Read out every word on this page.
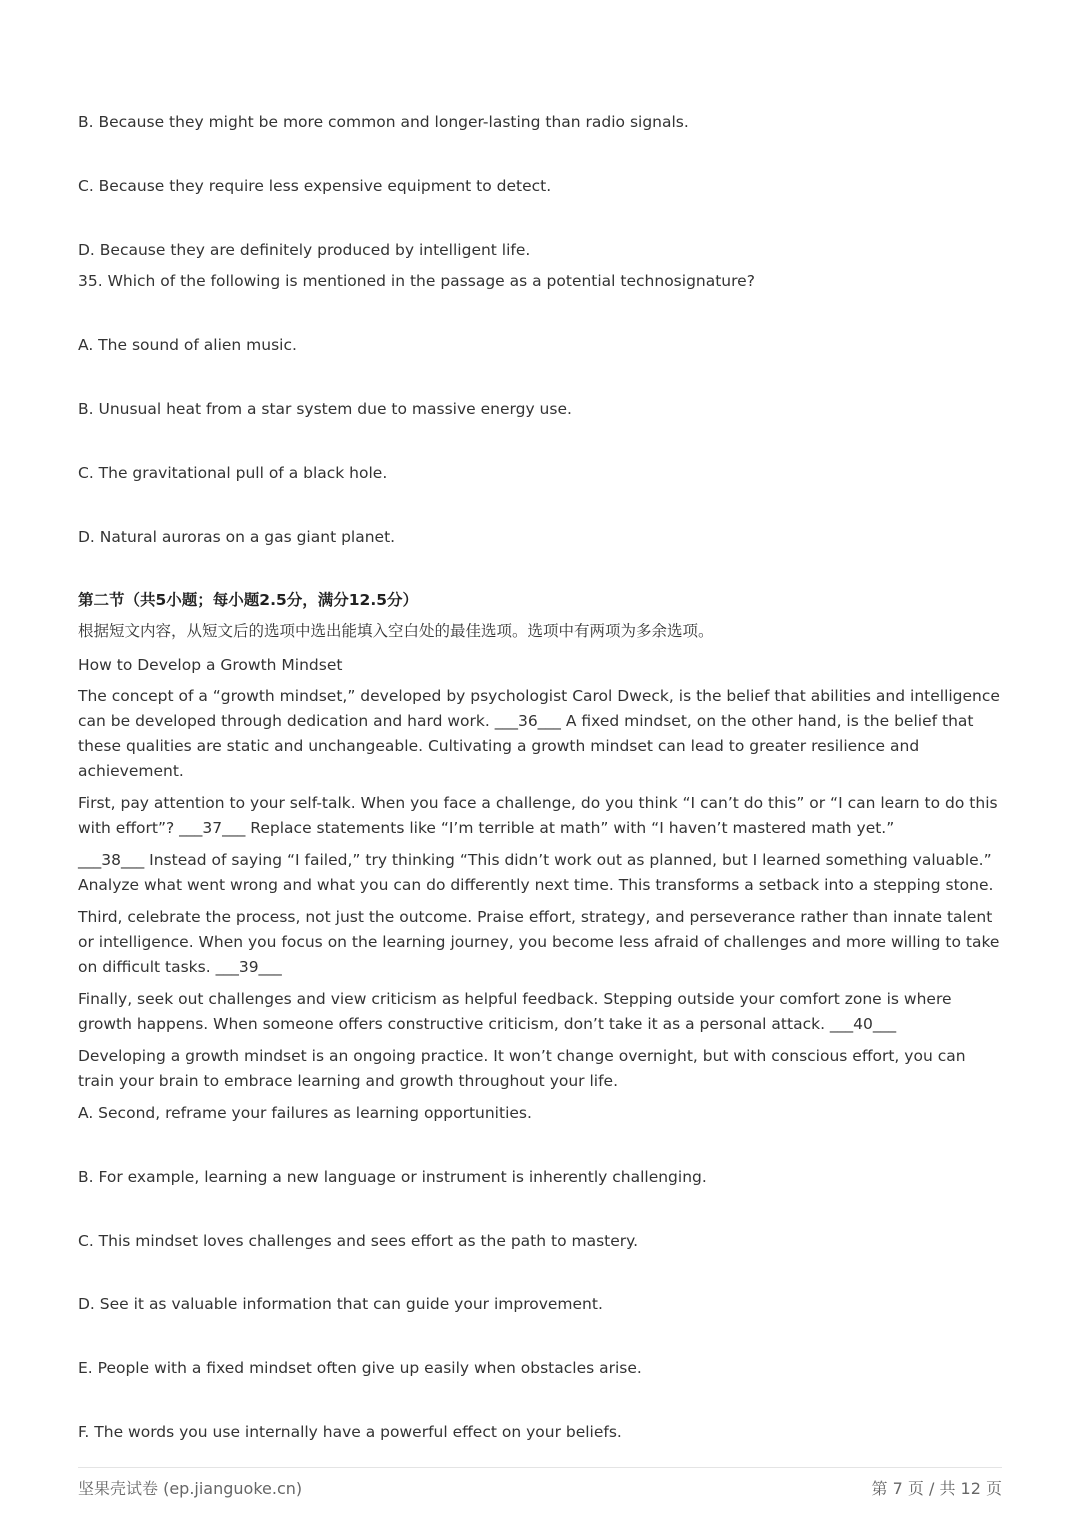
B. Because they might be more common and longer-lasting than radio signals.
C. Because they require less expensive equipment to detect.
D. Because they are definitely produced by intelligent life.
35. Which of the following is mentioned in the passage as a potential technosignature?
A. The sound of alien music.
B. Unusual heat from a star system due to massive energy use.
C. The gravitational pull of a black hole.
D. Natural auroras on a gas giant planet.
第二节（共5小题；每小题2.5分，满分12.5分）
根据短文内容，从短文后的选项中选出能填入空白处的最佳选项。选项中有两项为多余选项。
How to Develop a Growth Mindset
The concept of a “growth mindset,” developed by psychologist Carol Dweck, is the belief that abilities and intelligence can be developed through dedication and hard work. ___36___ A fixed mindset, on the other hand, is the belief that these qualities are static and unchangeable. Cultivating a growth mindset can lead to greater resilience and achievement.
First, pay attention to your self-talk. When you face a challenge, do you think “I can’t do this” or “I can learn to do this with effort”? ___37___ Replace statements like “I’m terrible at math” with “I haven’t mastered math yet.”
___38___ Instead of saying “I failed,” try thinking “This didn’t work out as planned, but I learned something valuable.” Analyze what went wrong and what you can do differently next time. This transforms a setback into a stepping stone.
Third, celebrate the process, not just the outcome. Praise effort, strategy, and perseverance rather than innate talent or intelligence. When you focus on the learning journey, you become less afraid of challenges and more willing to take on difficult tasks. ___39___
Finally, seek out challenges and view criticism as helpful feedback. Stepping outside your comfort zone is where growth happens. When someone offers constructive criticism, don’t take it as a personal attack. ___40___
Developing a growth mindset is an ongoing practice. It won’t change overnight, but with conscious effort, you can train your brain to embrace learning and growth throughout your life.
A. Second, reframe your failures as learning opportunities.
B. For example, learning a new language or instrument is inherently challenging.
C. This mindset loves challenges and sees effort as the path to mastery.
D. See it as valuable information that can guide your improvement.
E. People with a fixed mindset often give up easily when obstacles arise.
F. The words you use internally have a powerful effect on your beliefs.
坚果壳试卷 (ep.jianguoke.cn)	第 7 页 / 共 12 页
